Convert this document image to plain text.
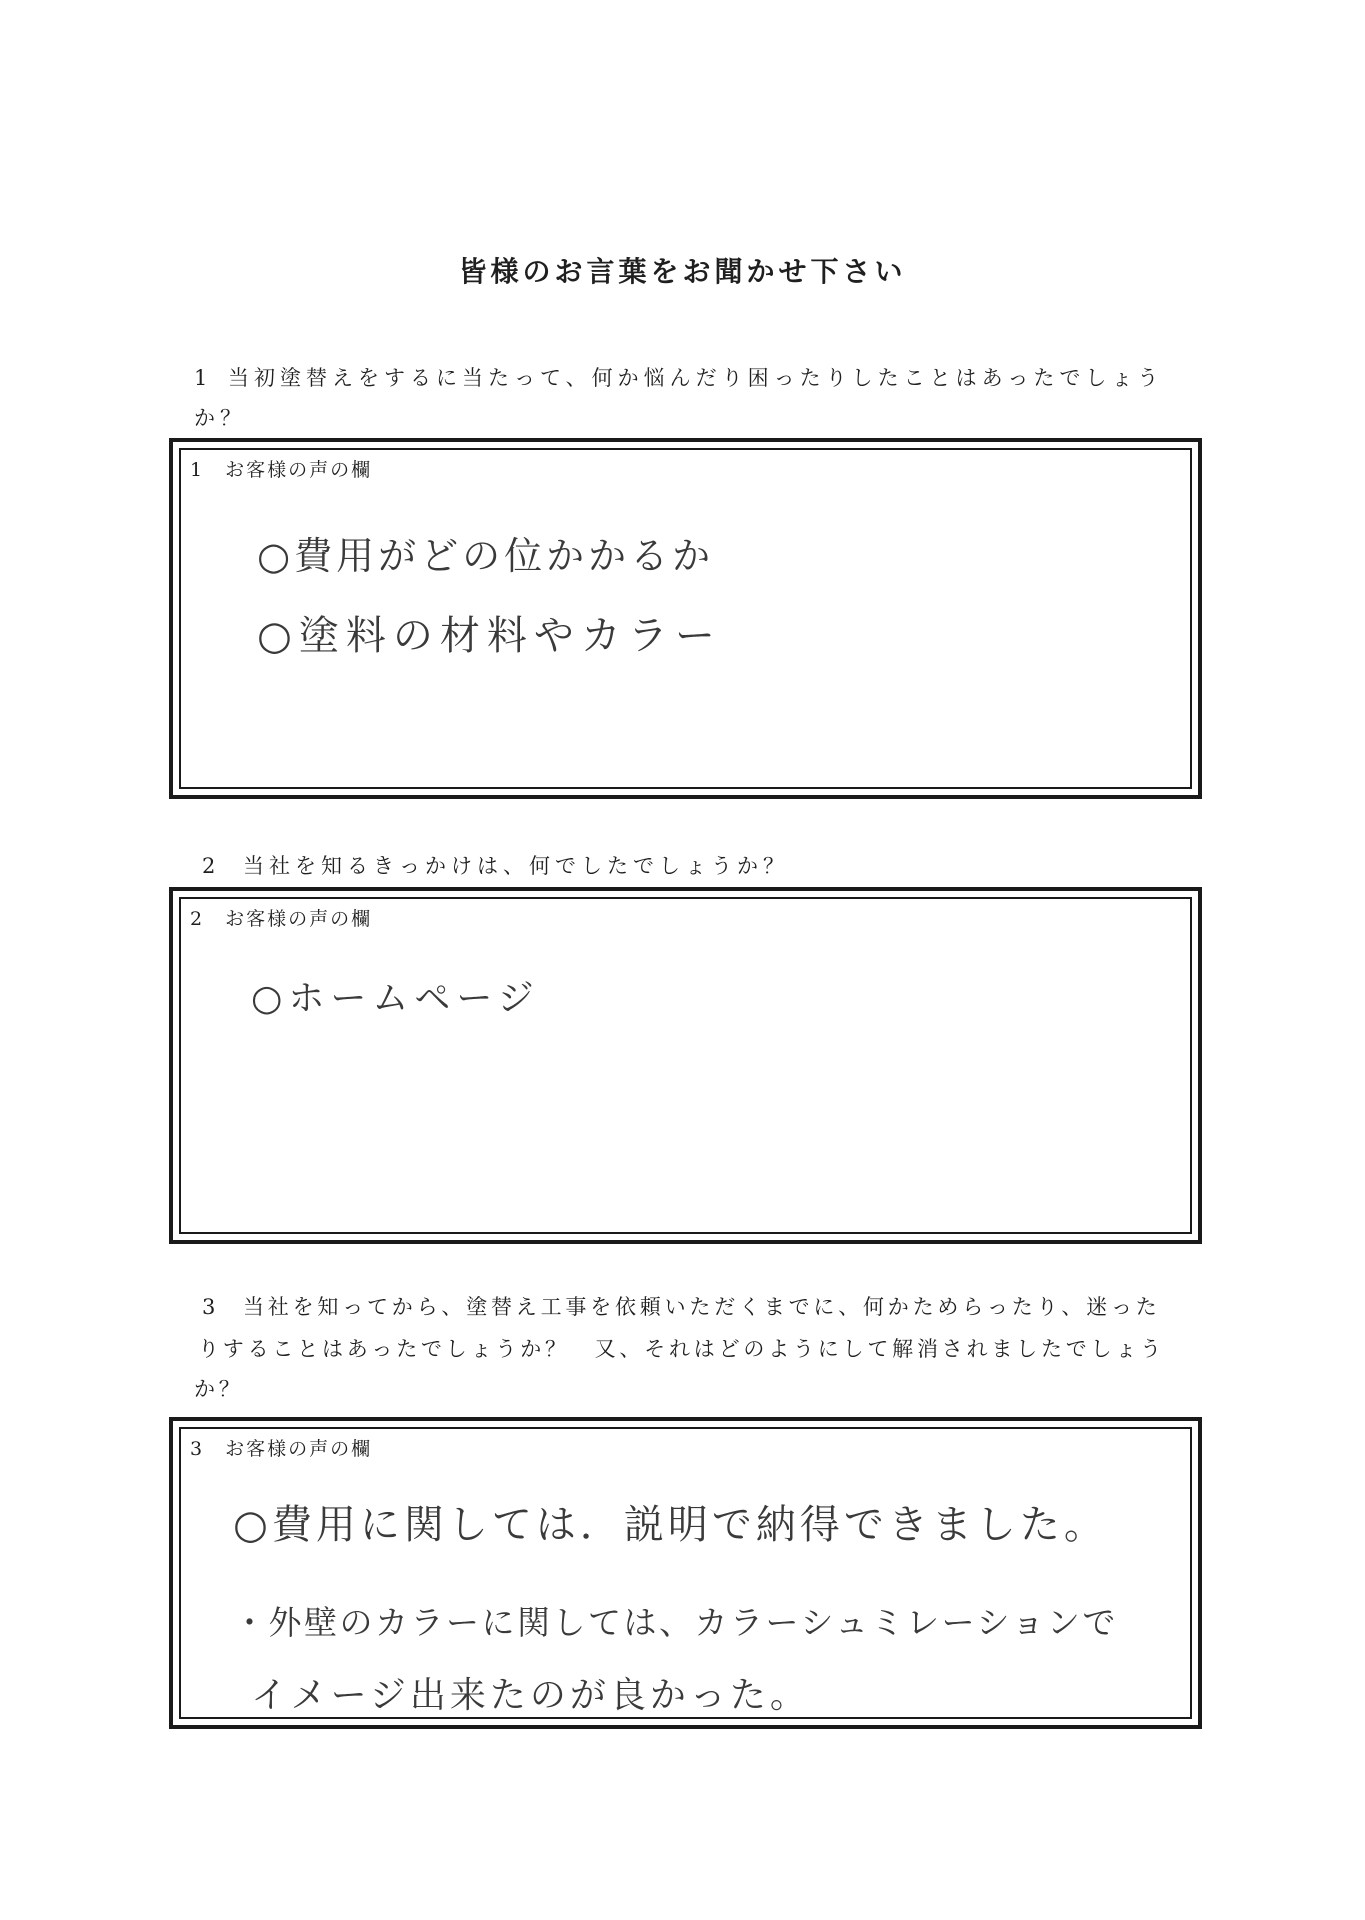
皆様のお言葉をお聞かせ下さい
1 当初塗替えをするに当たって、何か悩んだり困ったりしたことはあったでしょう
か？
1　お客様の声の欄
○費用がどの位かかるか
○塗料の材料やカラー
2 当社を知るきっかけは、何でしたでしょうか？
2　お客様の声の欄
○ホームページ
3 当社を知ってから、塗替え工事を依頼いただくまでに、何かためらったり、迷った
りすることはあったでしょうか？　又、それはどのようにして解消されましたでしょう
か？
3　お客様の声の欄
○費用に関しては．説明で納得できました。
・外壁のカラーに関しては、カラーシュミレーションで
イメージ出来たのが良かった。
